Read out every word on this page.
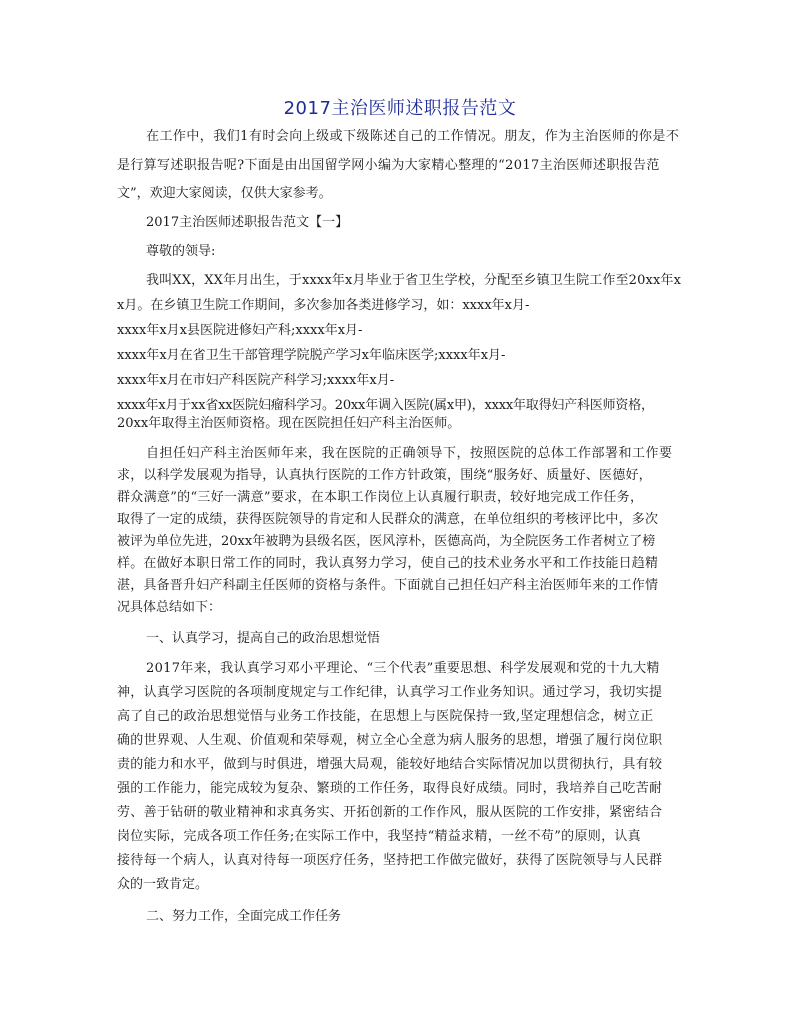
2017主治医师述职报告范文
在工作中，我们1有时会向上级或下级陈述自己的工作情况。朋友，作为主治医师的你是不
是行算写述职报告呢?下面是由出国留学网小编为大家精心整理的“2017主治医师述职报告范
文”，欢迎大家阅读，仅供大家参考。
2017主治医师述职报告范文【一】
尊敬的领导:
我叫XX，XX年月出生，于xxxx年x月毕业于省卫生学校，分配至乡镇卫生院工作至20xx年x
x月。在乡镇卫生院工作期间，多次参加各类进修学习，如：xxxx年x月-
xxxx年x月x县医院进修妇产科;xxxx年x月-
xxxx年x月在省卫生干部管理学院脱产学习x年临床医学;xxxx年x月-
xxxx年x月在市妇产科医院产科学习;xxxx年x月-
xxxx年x月于xx省xx医院妇瘤科学习。20xx年调入医院(属x甲)，xxxx年取得妇产科医师资格，
20xx年取得主治医师资格。现在医院担任妇产科主治医师。
自担任妇产科主治医师年来，我在医院的正确领导下，按照医院的总体工作部署和工作要
求，以科学发展观为指导，认真执行医院的工作方针政策，围绕“服务好、质量好、医德好，
群众满意”的“三好一满意”要求，在本职工作岗位上认真履行职责，较好地完成工作任务，
取得了一定的成绩，获得医院领导的肯定和人民群众的满意，在单位组织的考核评比中，多次
被评为单位先进，20xx年被聘为县级名医，医风淳朴，医德高尚，为全院医务工作者树立了榜
样。在做好本职日常工作的同时，我认真努力学习，使自己的技术业务水平和工作技能日趋精
湛，具备晋升妇产科副主任医师的资格与条件。下面就自己担任妇产科主治医师年来的工作情
况具体总结如下：
一、认真学习，提高自己的政治思想觉悟
2017年来，我认真学习邓小平理论、“三个代表”重要思想、科学发展观和党的十九大精
神，认真学习医院的各项制度规定与工作纪律，认真学习工作业务知识。通过学习，我切实提
高了自己的政治思想觉悟与业务工作技能，在思想上与医院保持一致,坚定理想信念，树立正
确的世界观、人生观、价值观和荣辱观，树立全心全意为病人服务的思想，增强了履行岗位职
责的能力和水平，做到与时俱进，增强大局观，能较好地结合实际情况加以贯彻执行，具有较
强的工作能力，能完成较为复杂、繁琐的工作任务，取得良好成绩。同时，我培养自己吃苦耐
劳、善于钻研的敬业精神和求真务实、开拓创新的工作作风，服从医院的工作安排，紧密结合
岗位实际，完成各项工作任务;在实际工作中，我坚持“精益求精，一丝不苟”的原则，认真
接待每一个病人，认真对待每一项医疗任务，坚持把工作做完做好，获得了医院领导与人民群
众的一致肯定。
二、努力工作，全面完成工作任务
